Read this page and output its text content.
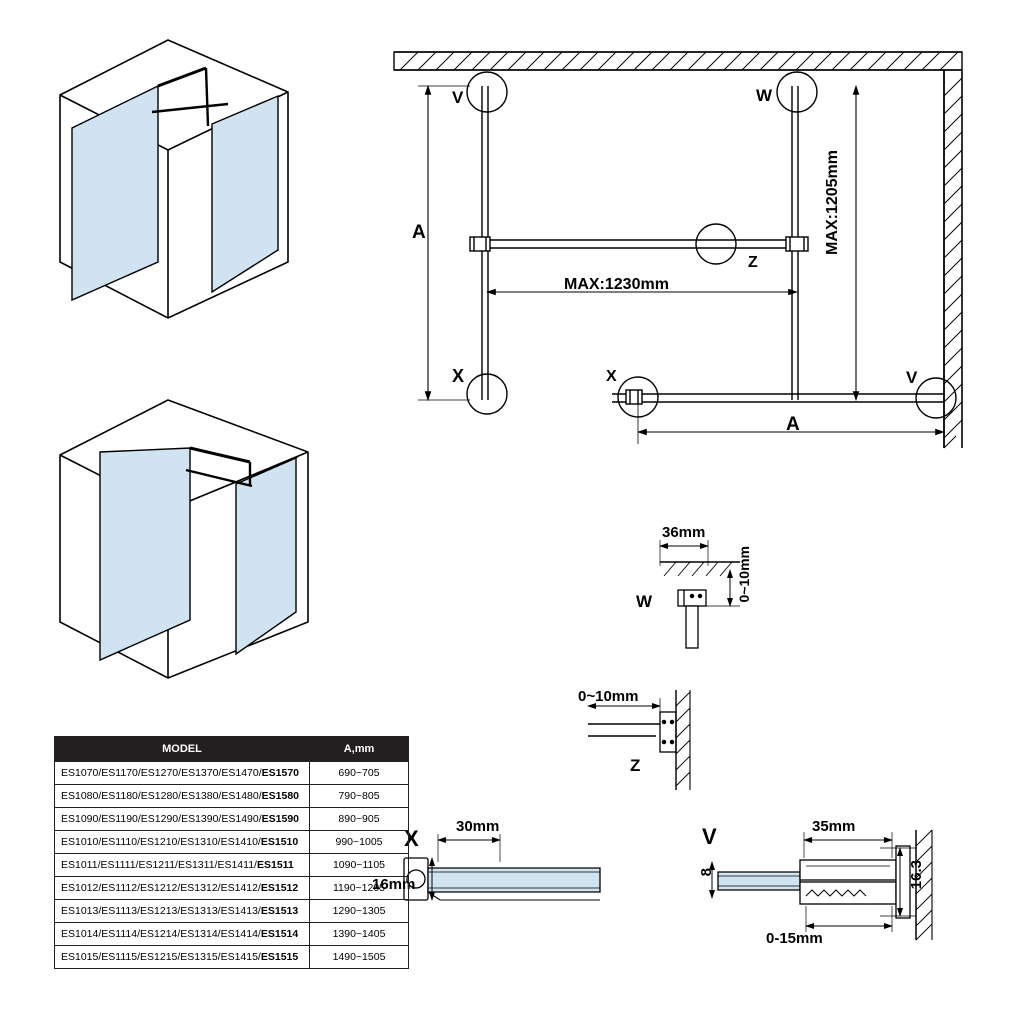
V	W
Z
X	X	V
A
A
MAX:1230mm
MAX:1205mm
36mm
0~10mm
W
0~10mm
Z
X 30mm
16mm
V	35mm
16.3
0-15mm
8
MODEL	A,mm
ES1070/ES1170/ES1270/ES1370/ES1470/ES1570	690~705
ES1080/ES1180/ES1280/ES1380/ES1480/ES1580	790~805
ES1090/ES1190/ES1290/ES1390/ES1490/ES1590	890~905
ES1010/ES1110/ES1210/ES1310/ES1410/ES1510	990~1005
ES1011/ES1111/ES1211/ES1311/ES1411/ES1511	1090~1105
ES1012/ES1112/ES1212/ES1312/ES1412/ES1512	1190~1205
ES1013/ES1113/ES1213/ES1313/ES1413/ES1513	1290~1305
ES1014/ES1114/ES1214/ES1314/ES1414/ES1514	1390~1405
ES1015/ES1115/ES1215/ES1315/ES1415/ES1515	1490~1505
